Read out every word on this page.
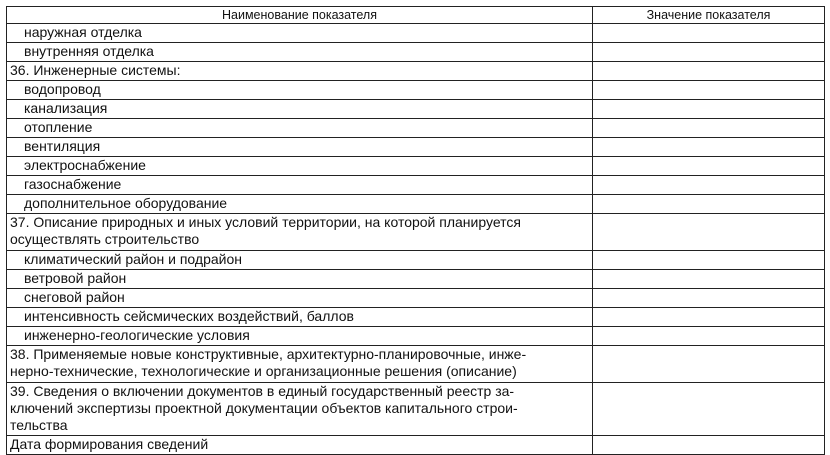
Наименование показателя	Значение показателя
наружная отделка	
внутренняя отделка	
36. Инженерные системы:	
водопровод	
канализация	
отопление	
вентиляция	
электроснабжение	
газоснабжение	
дополнительное оборудование	
37. Описание природных и иных условий территории, на которой планируется
осуществлять строительство	
климатический район и подрайон	
ветровой район	
снеговой район	
интенсивность сейсмических воздействий, баллов	
инженерно-геологические условия	
38. Применяемые новые конструктивные, архитектурно-планировочные, инже-
нерно-технические, технологические и организационные решения (описание)	
39. Сведения о включении документов в единый государственный реестр за-
ключений экспертизы проектной документации объектов капитального строи-
тельства	
Дата формирования сведений	
